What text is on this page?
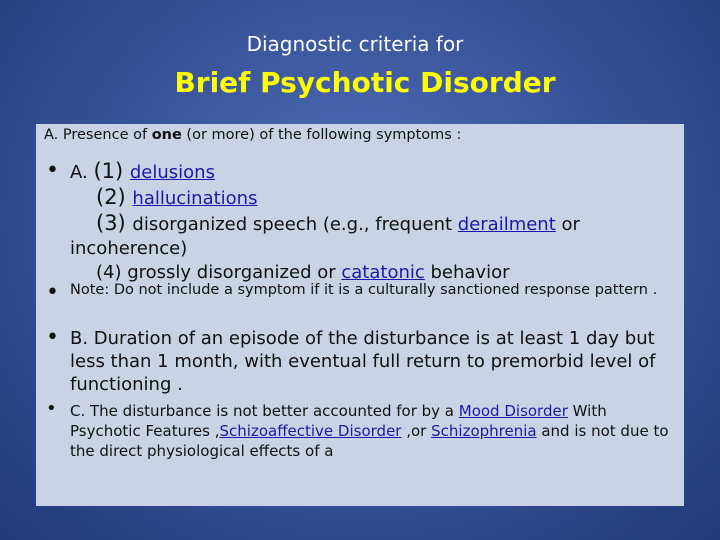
Diagnostic criteria for
Brief Psychotic Disorder
A. Presence of one (or more) of the following symptoms :
• A. (1) delusions
(2) hallucinations
(3) disorganized speech (e.g., frequent derailment or
incoherence)
(4) grossly disorganized or catatonic behavior
• Note: Do not include a symptom if it is a culturally sanctioned response pattern .
• B. Duration of an episode of the disturbance is at least 1 day but less than 1 month, with eventual full return to premorbid level of functioning .
• C. The disturbance is not better accounted for by a Mood Disorder With Psychotic Features ,Schizoaffective Disorder ,or Schizophrenia and is not due to the direct physiological effects of a
